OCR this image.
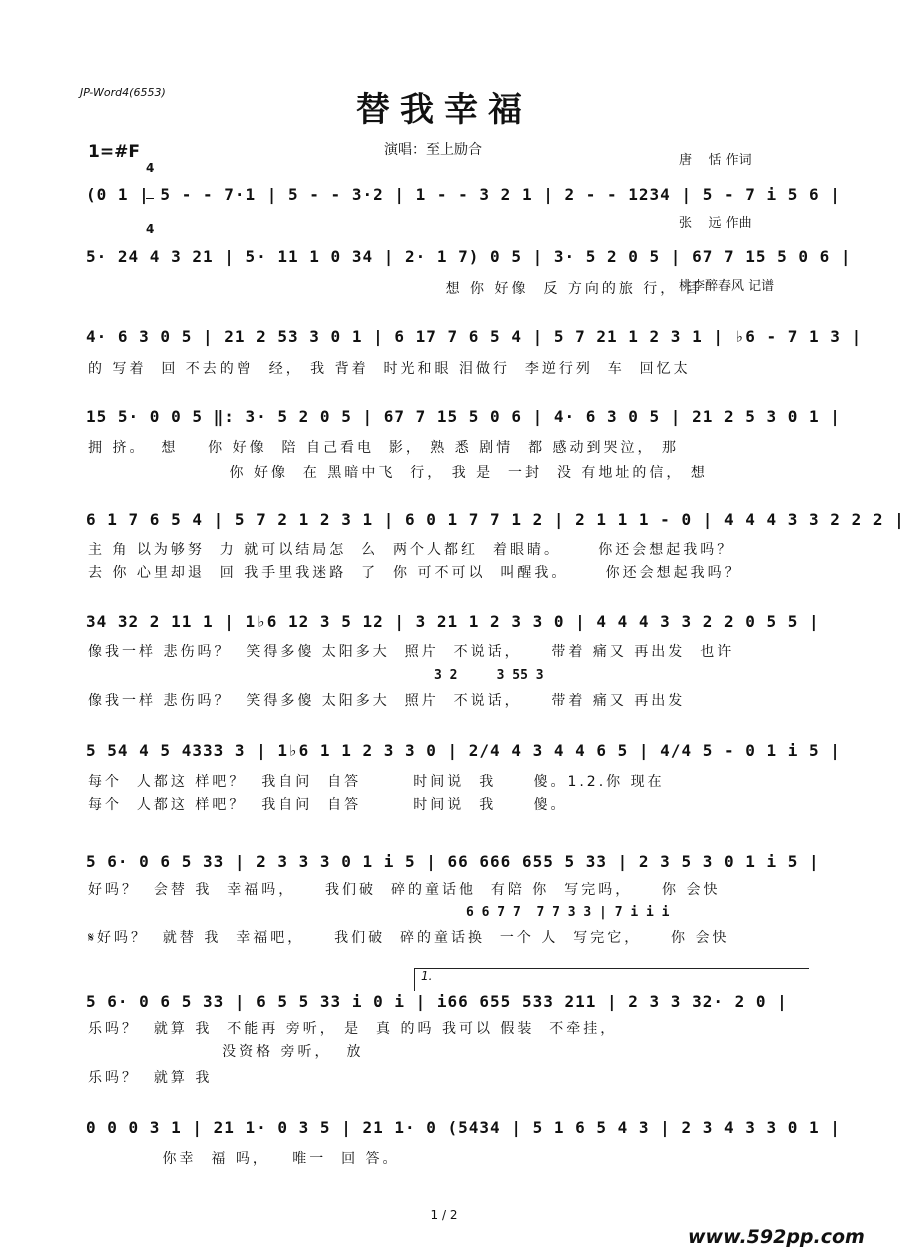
JP-Word4(6553)	替我幸福

唐    恬 作词

张    远 作曲

桃李醉春风 记谱

1=#F

4

4

演唱：至上励合
(0 1 | 5 - - 7·1 | 5 - - 3·2 | 1 - - 3 2 1 | 2 - - 1234 | 5 - 7 i 5 6 |
5· 24 4 3 21 | 5· 11 1 0 34 | 2· 1 7) 0 5 | 3· 5 2 0 5 | 67 7 15 5 0 6 |
想 你 好像  反 方向的旅 行， 目
4· 6 3 0 5 | 21 2 53 3 0 1 | 6 17 7 6 5 4 | 5 7 21 1 2 3 1 | ♭6 - 7 1 3 |
的 写着  回 不去的曾  经， 我 背着  时光和眼 泪做行  李逆行列  车  回忆太
15 5· 0 0 5 ‖: 3· 5 2 0 5 | 67 7 15 5 0 6 | 4· 6 3 0 5 | 21 2 5 3 0 1 |
拥 挤。  想    你 好像  陪 自己看电  影， 熟 悉 剧情  都 感动到哭泣， 那
你 好像  在 黑暗中飞  行， 我 是  一封  没 有地址的信， 想
6 1 7 6 5 4 | 5 7 2 1 2 3 1 | 6 0 1 7 7 1 2 | 2 1 1 1 - 0 | 4 4 4 3 3 2 2 2 |
主 角 以为够努  力 就可以结局怎  么  两个人都红  着眼睛。     你还会想起我吗？
去 你 心里却退  回 我手里我迷路  了  你 可不可以  叫醒我。     你还会想起我吗？
34 32 2 11 1 | 1♭6 12 3 5 12 | 3 21 1 2 3 3 0 | 4 4 4 3 3 2 2 0 5 5 |
像我一样 悲伤吗？  笑得多傻 太阳多大  照片  不说话，    带着 痛又 再出发  也许
3 2     3 55 3
像我一样 悲伤吗？  笑得多傻 太阳多大  照片  不说话，    带着 痛又 再出发
5 54 4 5 4333 3 | 1♭6 1 1 2 3 3 0 | 2/4 4 3 4 4 6 5 | 4/4 5 - 0 1 i 5 |
每个  人都这 样吧？  我自问  自答       时间说  我     傻。1.2.你 现在
每个  人都这 样吧？  我自问  自答       时间说  我     傻。
5 6· 0 6 5 33 | 2 3 3 3 0 1 i 5 | 66 666 655 5 33 | 2 3 5 3 0 1 i 5 |
好吗？  会替 我  幸福吗，    我们破  碎的童话他  有陪 你  写完吗，    你 会快
6 6 7 7  7 7 3 3 | 7 i i i
𝄋好吗？  就替 我  幸福吧，    我们破  碎的童话换  一个 人  写完它，    你 会快
1.
5 6· 0 6 5 33 | 6 5 5 33 i 0 i | i66 655 533 211 | 2 3 3 32· 2 0 |
乐吗？  就算 我  不能再 旁听， 是  真 的吗 我可以 假装  不牵挂，
没资格 旁听，  放
乐吗？  就算 我
0 0 0 3 1 | 21 1· 0 3 5 | 21 1· 0 (5434 | 5 1 6 5 4 3 | 2 3 4 3 3 0 1 |
你幸  福 吗，   唯一  回 答。
1 / 2
www.592pp.com
